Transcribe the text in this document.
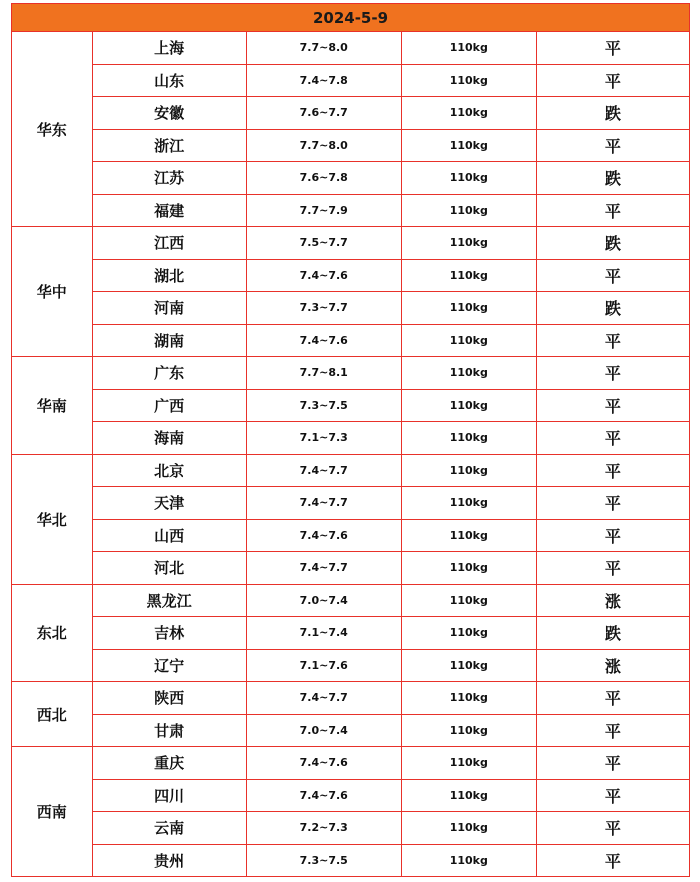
2024-5-9				
华东	上海	7.7~8.0	110kg	平
	山东	7.4~7.8	110kg	平
	安徽	7.6~7.7	110kg	跌
	浙江	7.7~8.0	110kg	平
	江苏	7.6~7.8	110kg	跌
	福建	7.7~7.9	110kg	平
华中	江西	7.5~7.7	110kg	跌
	湖北	7.4~7.6	110kg	平
	河南	7.3~7.7	110kg	跌
	湖南	7.4~7.6	110kg	平
华南	广东	7.7~8.1	110kg	平
	广西	7.3~7.5	110kg	平
	海南	7.1~7.3	110kg	平
华北	北京	7.4~7.7	110kg	平
	天津	7.4~7.7	110kg	平
	山西	7.4~7.6	110kg	平
	河北	7.4~7.7	110kg	平
东北	黑龙江	7.0~7.4	110kg	涨
	吉林	7.1~7.4	110kg	跌
	辽宁	7.1~7.6	110kg	涨
西北	陕西	7.4~7.7	110kg	平
	甘肃	7.0~7.4	110kg	平
西南	重庆	7.4~7.6	110kg	平
	四川	7.4~7.6	110kg	平
	云南	7.2~7.3	110kg	平
	贵州	7.3~7.5	110kg	平
